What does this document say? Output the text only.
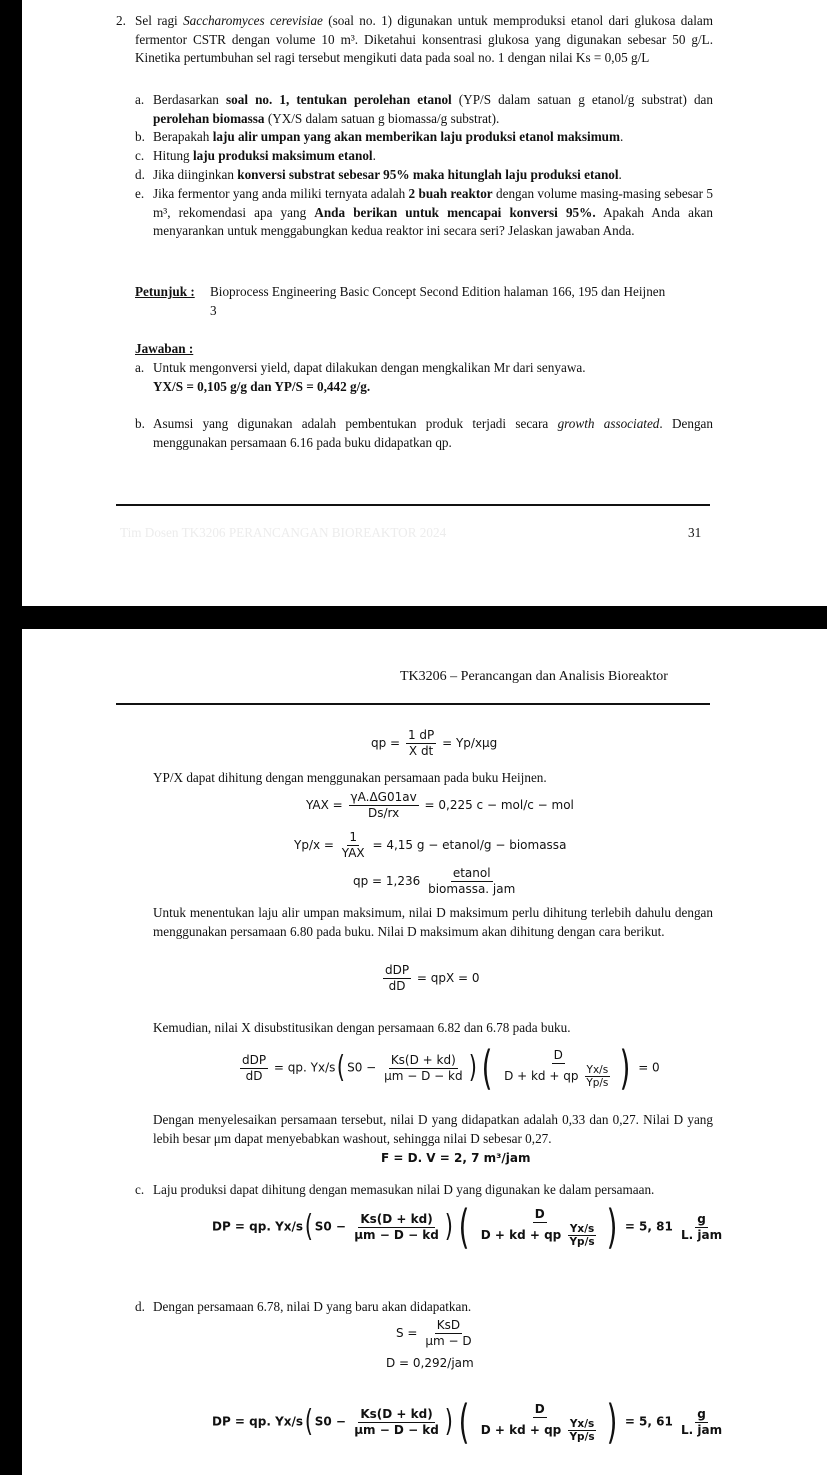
2. Sel ragi Saccharomyces cerevisiae (soal no. 1) digunakan untuk memproduksi etanol dari glukosa dalam fermentor CSTR dengan volume 10 m³. Diketahui konsentrasi glukosa yang digunakan sebesar 50 g/L. Kinetika pertumbuhan sel ragi tersebut mengikuti data pada soal no. 1 dengan nilai Ks = 0,05 g/L
a. Berdasarkan soal no. 1, tentukan perolehan etanol (YP/S dalam satuan g etanol/g substrat) dan perolehan biomassa (YX/S dalam satuan g biomassa/g substrat).
b. Berapakah laju alir umpan yang akan memberikan laju produksi etanol maksimum.
c. Hitung laju produksi maksimum etanol.
d. Jika diinginkan konversi substrat sebesar 95% maka hitunglah laju produksi etanol.
e. Jika fermentor yang anda miliki ternyata adalah 2 buah reaktor dengan volume masing-masing sebesar 5 m³, rekomendasi apa yang Anda berikan untuk mencapai konversi 95%. Apakah Anda akan menyarankan untuk menggabungkan kedua reaktor ini secara seri? Jelaskan jawaban Anda.
Petunjuk : Bioprocess Engineering Basic Concept Second Edition halaman 166, 195 dan Heijnen
3
Jawaban :
a. Untuk mengonversi yield, dapat dilakukan dengan mengkalikan Mr dari senyawa.
YX/S = 0,105 g/g dan YP/S = 0,442 g/g.
b. Asumsi yang digunakan adalah pembentukan produk terjadi secara growth associated. Dengan menggunakan persamaan 6.16 pada buku didapatkan qp.
Tim Dosen TK3206 PERANCANGAN BIOREAKTOR 2024	31
TK3206 – Perancangan dan Analisis Bioreaktor
qp = $\frac{1 dP}{\text{X dt}} = Yp/x\mu g$
YP/X dapat dihitung dengan menggunakan persamaan pada buku Heijnen.
YAX = $\frac{\gamma A.\Delta G01av}{Ds/rx} = 0,225$ c − mol/c − mol
$Yp/x = \frac{1}{\text{YAX}} = 4,15$ g − etanol/g − biomassa
qp = $1,236 \frac{\text{etanol}}{\text{biomassa. jam}}$
Untuk menentukan laju alir umpan maksimum, nilai D maksimum perlu dihitung terlebih dahulu dengan menggunakan persamaan 6.80 pada buku. Nilai D maksimum akan dihitung dengan cara berikut.
$\frac{\text{dDP}}{dD}$ = qpX = 0
Kemudian, nilai X disubstitusikan dengan persamaan 6.82 dan 6.78 pada buku.
$\frac{\text{dDP}}{dD}$ = qp. Yx/s( $S0 - \frac{Ks(D + kd)}{\mu m - D - kd}$ ) ( $\frac{D}{D + kd + qp \frac{Yx/s}{Yp/s}}$ ) = 0
Dengan menyelesaikan persamaan tersebut, nilai D yang didapatkan adalah 0,33 dan 0,27. Nilai D yang lebih besar μm dapat menyebabkan washout, sehingga nilai D sebesar 0,27.
F = D. V = 2, 7 m³/jam
c. Laju produksi dapat dihitung dengan memasukan nilai D yang digunakan ke dalam persamaan.
DP = qp. Yx/s( $S0 - \frac{Ks(D + kd)}{\mu m - D - kd}$ ) ( $\frac{D}{D + kd + qp \frac{Yx/s}{Yp/s}}$ ) = 5, $81 \frac{g}{\text{L. jam}}$
d. Dengan persamaan 6.78, nilai D yang baru akan didapatkan.
$S = \frac{\text{KsD}}{\mu m - D}$
D = 0,292/jam
DP = qp. Yx/s( $S0 - \frac{Ks(D + kd)}{\mu m - D - kd}$ ) ( $\frac{D}{D + kd + qp \frac{Yx/s}{Yp/s}}$ ) = 5, $61 \frac{g}{\text{L. jam}}$
